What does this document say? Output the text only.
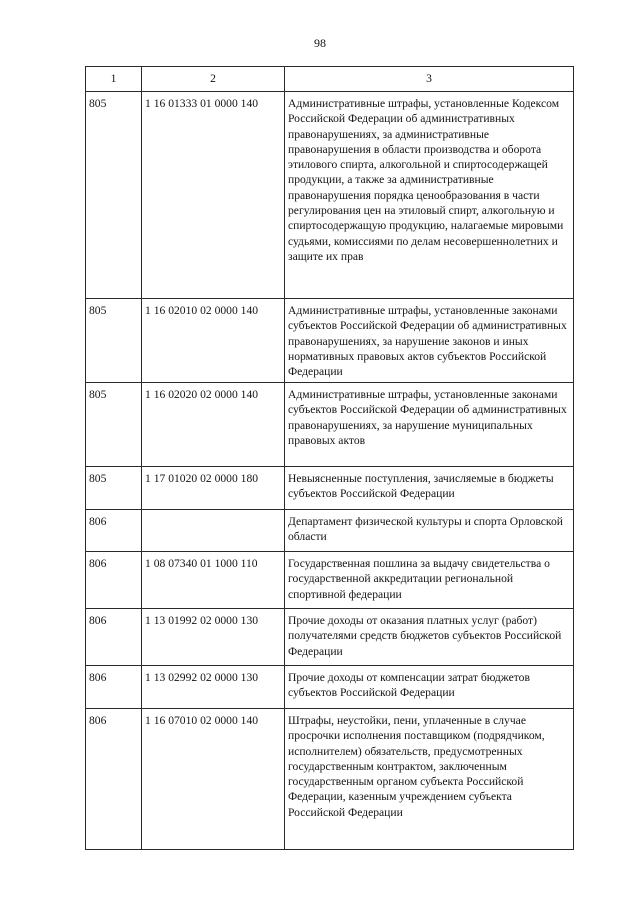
98
1	2	3

805	1 16 01333 01 0000 140	Административные штрафы, установленные Кодексом Российской Федерации об административных правонарушениях, за административные правонарушения в области производства и оборота этилового спирта, алкогольной и спиртосодержащей продукции, а также за административные правонарушения порядка ценообразования в части регулирования цен на этиловый спирт, алкогольную и спиртосодержащую продукцию, налагаемые мировыми судьями, комиссиями по делам несовершеннолетних и защите их прав

805	1 16 02010 02 0000 140	Административные штрафы, установленные законами субъектов Российской Федерации об административных правонарушениях, за нарушение законов и иных нормативных правовых актов субъектов Российской Федерации

805	1 16 02020 02 0000 140	Административные штрафы, установленные законами субъектов Российской Федерации об административных правонарушениях, за нарушение муниципальных правовых актов

805	1 17 01020 02 0000 180	Невыясненные поступления, зачисляемые в бюджеты субъектов Российской Федерации

806		Департамент физической культуры и спорта Орловской области

806	1 08 07340 01 1000 110	Государственная пошлина за выдачу свидетельства о государственной аккредитации региональной спортивной федерации

806	1 13 01992 02 0000 130	Прочие доходы от оказания платных услуг (работ) получателями средств бюджетов субъектов Российской Федерации

806	1 13 02992 02 0000 130	Прочие доходы от компенсации затрат бюджетов субъектов Российской Федерации

806	1 16 07010 02 0000 140	Штрафы, неустойки, пени, уплаченные в случае просрочки исполнения поставщиком (подрядчиком, исполнителем) обязательств, предусмотренных государственным контрактом, заключенным государственным органом субъекта Российской Федерации, казенным учреждением субъекта Российской Федерации
